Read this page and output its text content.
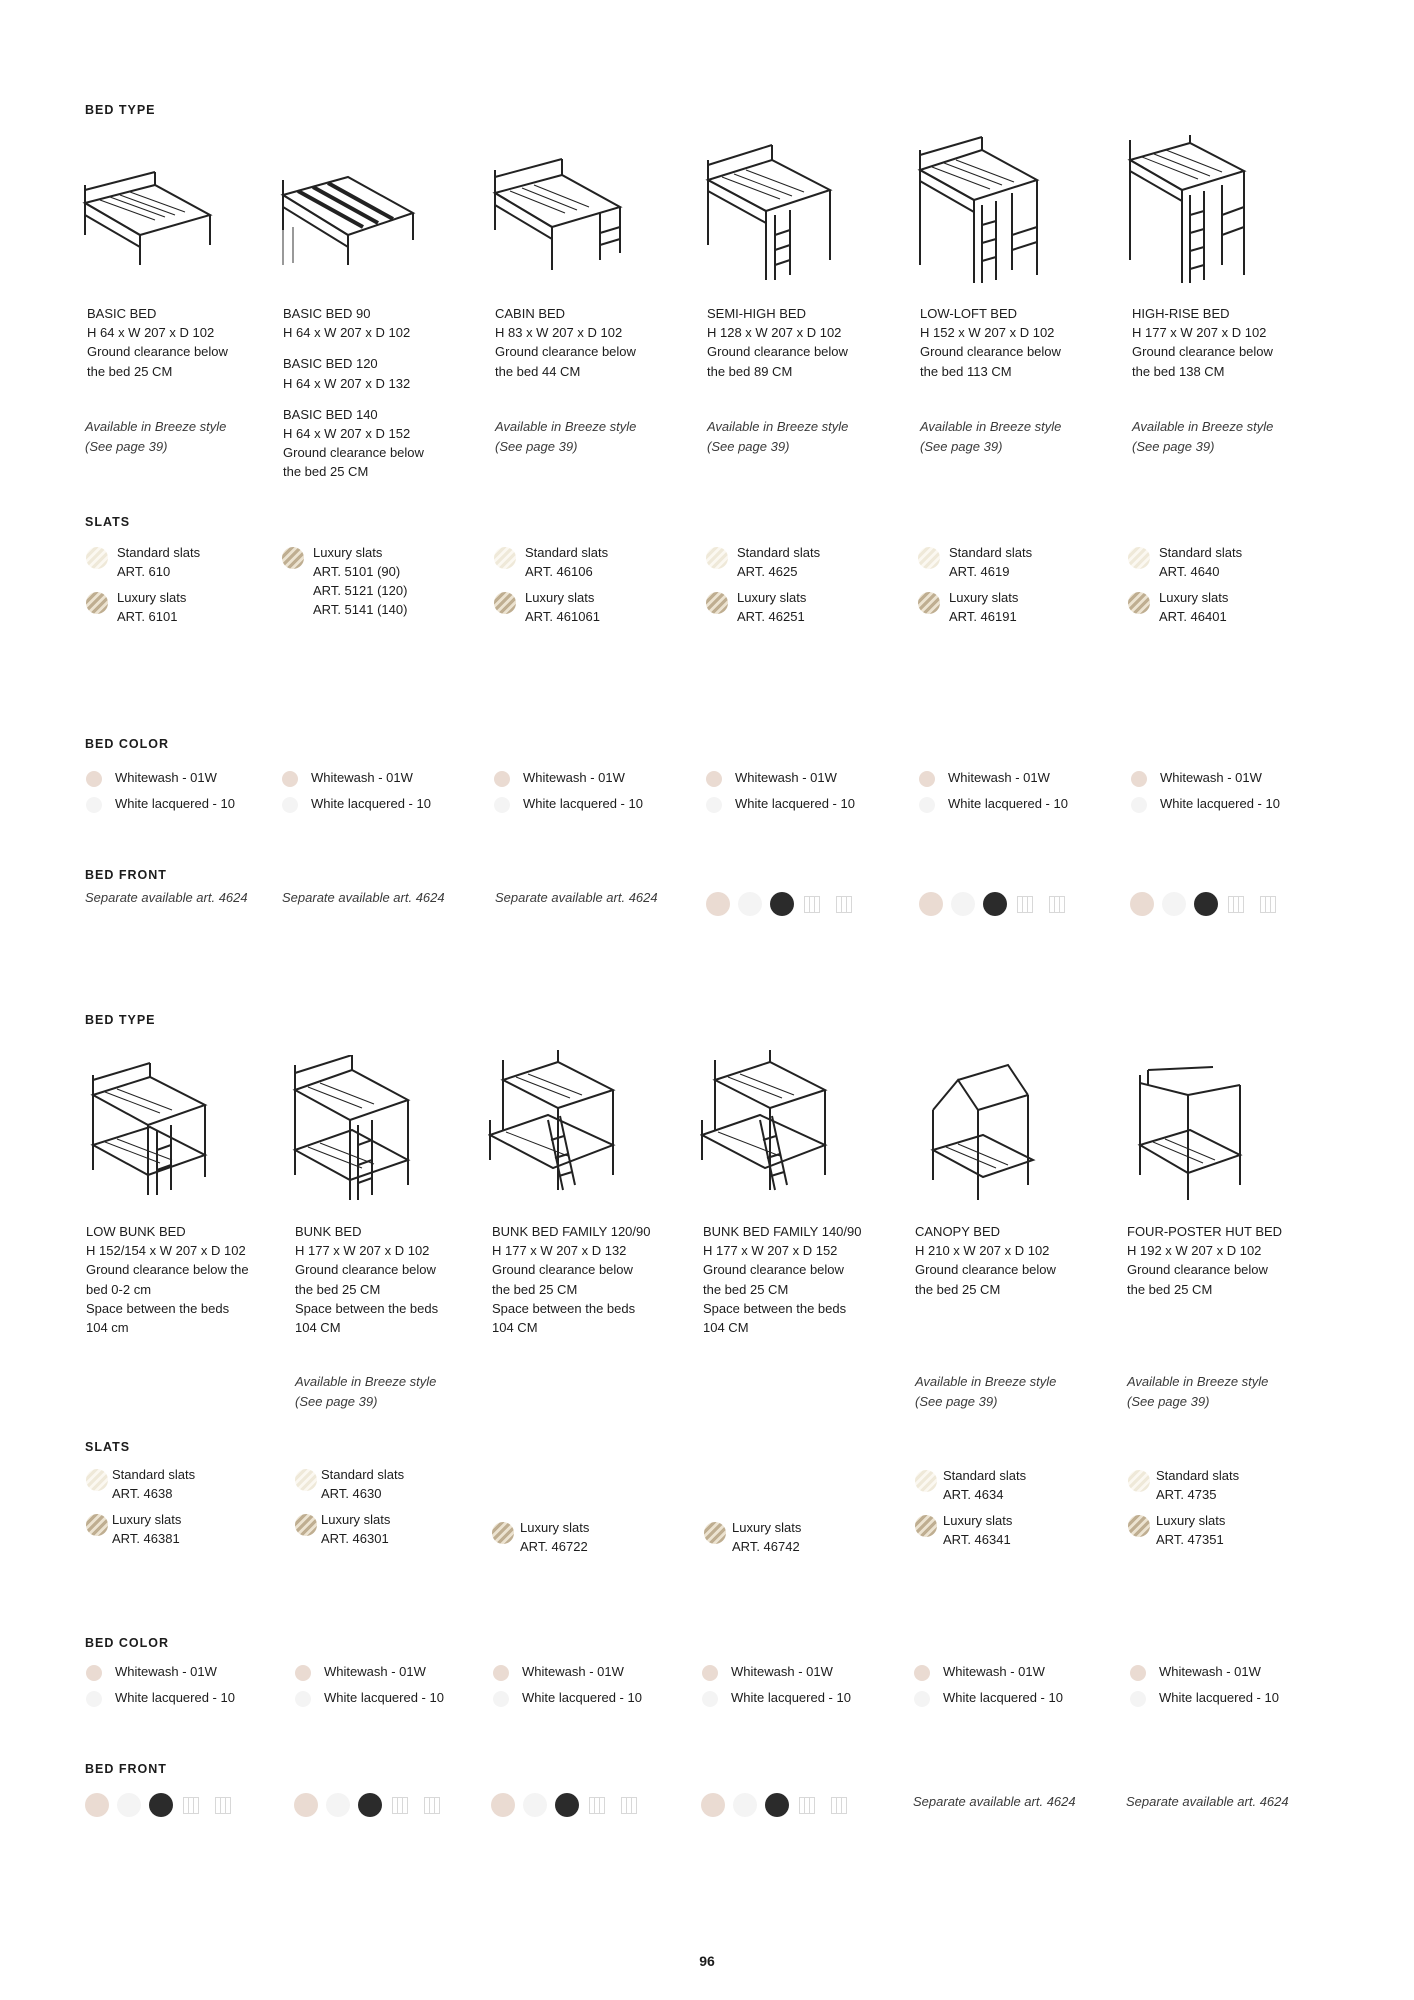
BED TYPE
BASIC BED
H 64 x W 207 x D 102
Ground clearance below
the bed 25 CM
BASIC BED 90
H 64 x W 207 x D 102
BASIC BED 120
H 64 x W 207 x D 132
BASIC BED 140
H 64 x W 207 x D 152
Ground clearance below
the bed 25 CM
CABIN BED
H 83 x W 207 x D 102
Ground clearance below
the bed 44 CM
SEMI-HIGH BED
H 128 x W 207 x D 102
Ground clearance below
the bed 89 CM
LOW-LOFT BED
H 152 x W 207 x D 102
Ground clearance below
the bed 113 CM
HIGH-RISE BED
H 177 x W 207 x D 102
Ground clearance below
the bed 138 CM
Available in Breeze style
(See page 39)
Available in Breeze style
(See page 39)
Available in Breeze style
(See page 39)
Available in Breeze style
(See page 39)
Available in Breeze style
(See page 39)
SLATS
Standard slats
ART. 610
Luxury slats
ART. 6101
Luxury slats
ART. 5101 (90)
ART. 5121 (120)
ART. 5141 (140)
Standard slats
ART. 46106
Luxury slats
ART. 461061
Standard slats
ART. 4625
Luxury slats
ART. 46251
Standard slats
ART. 4619
Luxury slats
ART. 46191
Standard slats
ART. 4640
Luxury slats
ART. 46401
BED COLOR
Whitewash - 01W
White lacquered - 10
Whitewash - 01W
White lacquered - 10
Whitewash - 01W
White lacquered - 10
Whitewash - 01W
White lacquered - 10
Whitewash - 01W
White lacquered - 10
Whitewash - 01W
White lacquered - 10
BED FRONT
Separate available art. 4624	Separate available art. 4624	Separate available art. 4624
BED TYPE
LOW BUNK BED
H 152/154 x W 207 x D 102
Ground clearance below the
bed 0-2 cm
Space between the beds
104 cm
BUNK BED
H 177 x W 207 x D 102
Ground clearance below
the bed 25 CM
Space between the beds
104 CM
BUNK BED FAMILY 120/90
H 177 x W 207 x D 132
Ground clearance below
the bed 25 CM
Space between the beds
104 CM
BUNK BED FAMILY 140/90
H 177 x W 207 x D 152
Ground clearance below
the bed 25 CM
Space between the beds
104 CM
CANOPY BED
H 210 x W 207 x D 102
Ground clearance below
the bed 25 CM
FOUR-POSTER HUT BED
H 192 x W 207 x D 102
Ground clearance below
the bed 25 CM
Available in Breeze style
(See page 39)
Available in Breeze style
(See page 39)
Available in Breeze style
(See page 39)
SLATS
Standard slats
ART. 4638
Luxury slats
ART. 46381
Standard slats
ART. 4630
Luxury slats
ART. 46301
Luxury slats
ART. 46722
Luxury slats
ART. 46742
Standard slats
ART. 4634
Luxury slats
ART. 46341
Standard slats
ART. 4735
Luxury slats
ART. 47351
BED COLOR
Whitewash - 01W
White lacquered - 10
Whitewash - 01W
White lacquered - 10
Whitewash - 01W
White lacquered - 10
Whitewash - 01W
White lacquered - 10
Whitewash - 01W
White lacquered - 10
Whitewash - 01W
White lacquered - 10
BED FRONT
Separate available art. 4624	Separate available art. 4624
96
